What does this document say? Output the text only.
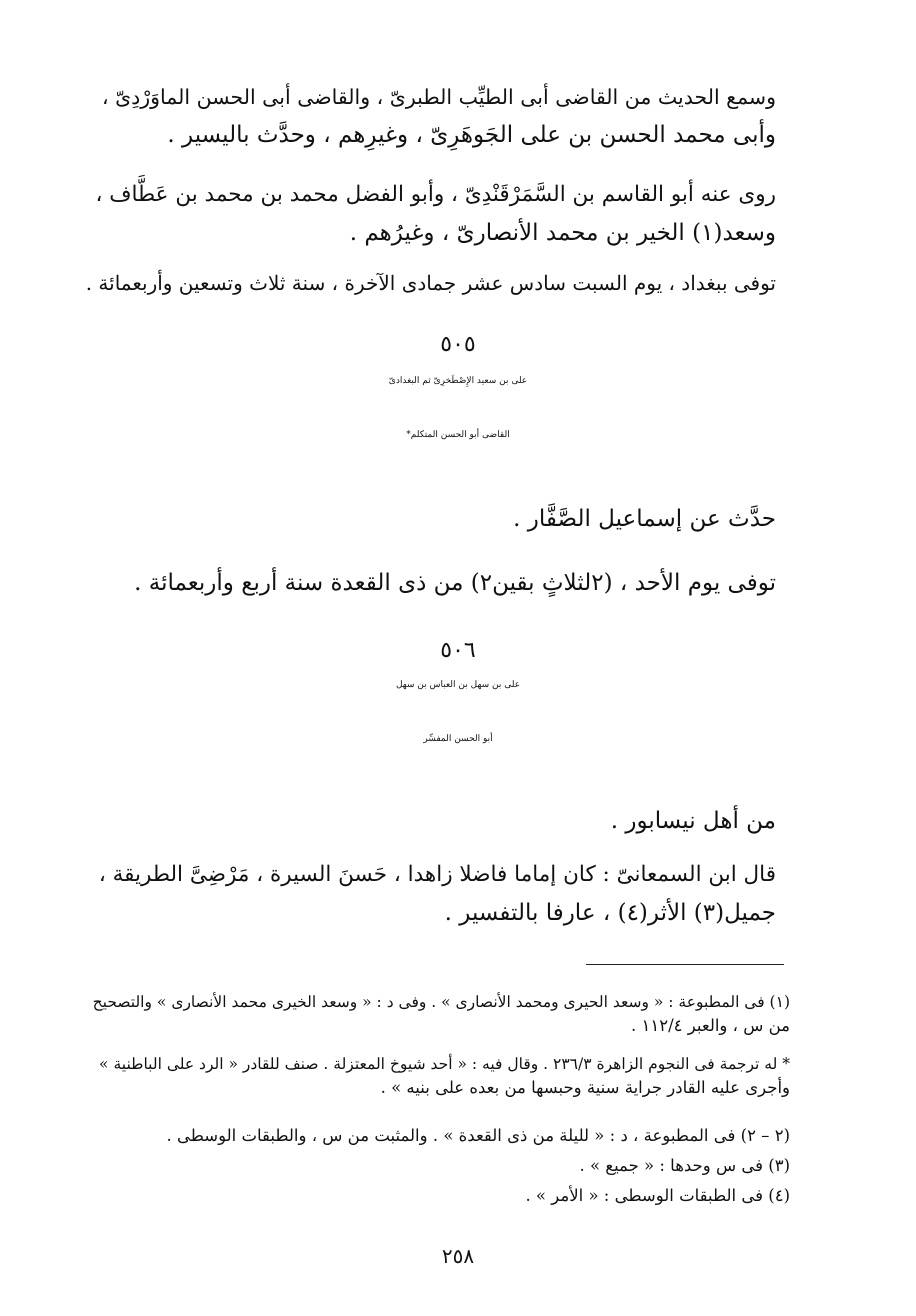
وسمع الحديث من القاضى أبى الطيِّب الطبرىّ ، والقاضى أبى الحسن الماوَرْدِىّ ،
وأبى محمد الحسن بن على الجَوهَرِىّ ، وغيرِهم ، وحدَّث باليسير .
روى عنه أبو القاسم بن السَّمَرْقَنْدِىّ ، وأبو الفضل محمد بن محمد بن عَطَّاف ،
وسعد(١) الخير بن محمد الأنصارىّ ، وغيرُهم .
توفى ببغداد ، يوم السبت سادس عشر جمادى الآخرة ، سنة ثلاث وتسعين وأربعمائة .
٥٠٥
على بن سعيد الإِصْطَخرِىّ ثم البغدادىّ
القاضى أبو الحسن المتكلم*
حدَّث عن إسماعيل الصَّفَّار .
توفى يوم الأحد ، (٢لثلاثٍ بقين٢) من ذى القعدة سنة أربع وأربعمائة .
٥٠٦
على بن سهل بن العباس بن سهل
أبو الحسن المفسِّر
من أهل نيسابور .
قال ابن السمعانىّ : كان إماما فاضلا زاهدا ، حَسنَ السيرة ، مَرْضِىَّ الطريقة ،
جميل(٣) الأثر(٤) ، عارفا بالتفسير .
(١) فى المطبوعة : « وسعد الحيرى ومحمد الأنصارى » . وفى د : « وسعد الخيرى محمد الأنصارى » والتصحيح
من س ، والعبر ١١٢/٤ .
* له ترجمة فى النجوم الزاهرة ٢٣٦/٣ . وقال فيه : « أحد شيوخ المعتزلة . صنف للقادر « الرد على الباطنية »
وأجرى عليه القادر جراية سنية وحبسها من بعده على بنيه » .
(٢ – ٢) فى المطبوعة ، د : « لليلة من ذى القعدة » . والمثبت من س ، والطبقات الوسطى .
(٣) فى س وحدها : « جميع » .
(٤) فى الطبقات الوسطى : « الأمر » .
٢٥٨
